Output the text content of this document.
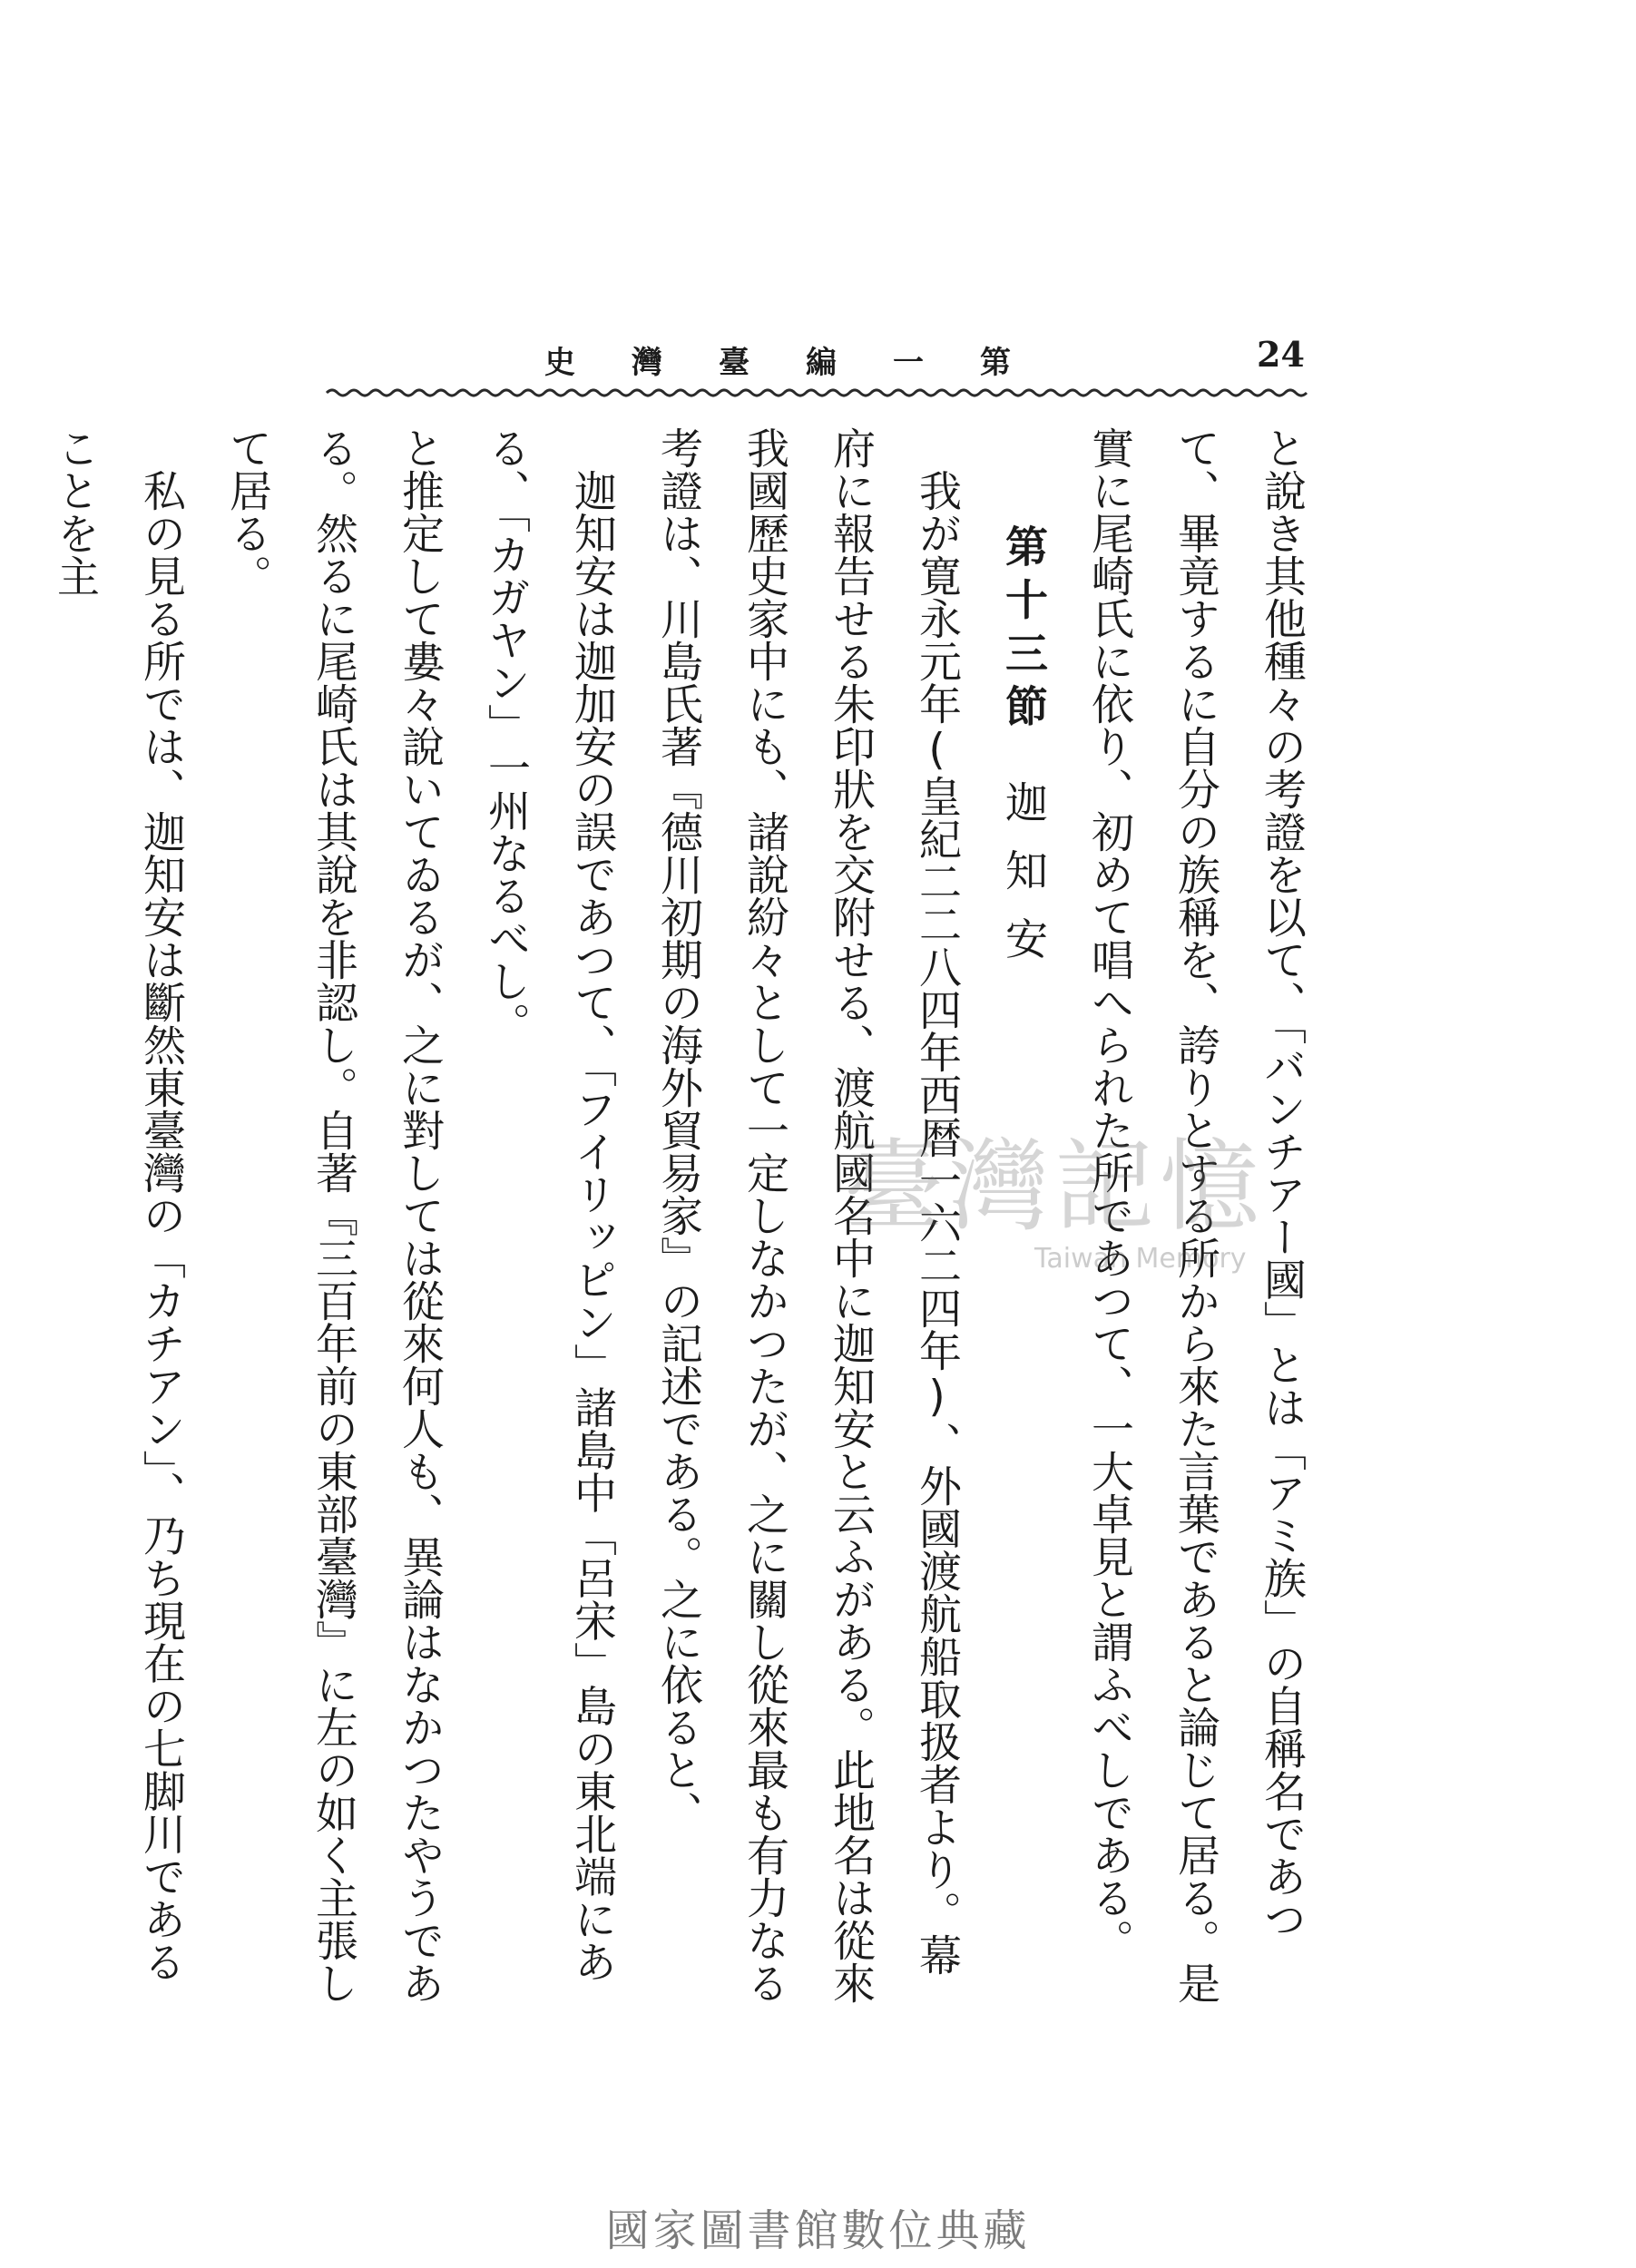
史灣臺編一第	24

と說き其他種々の考證を以て、「バンチアー國」とは「アミ族」の自稱名であつて、畢竟するに自分の族稱を、誇りとする所から來た言葉であると論じて居る。是實に尾崎氏に依り、初めて唱へられた所であつて、一大卓見と謂ふべしである。

第十三節迦知安

我が寛永元年(皇紀二二八四年西暦一六二四年)、外國渡航船取扱者より。幕府に報告せる朱印狀を交附せる、渡航國名中に迦知安と云ふがある。此地名は從來我國歷史家中にも、諸說紛々として一定しなかつたが、之に關し從來最も有力なる考證は、川島氏著『德川初期の海外貿易家』の記述である。之に依ると、

迦知安は迦加安の誤であつて、「フイリッピン」諸島中「呂宋」島の東北端にある、「カガヤン」一州なるべし。

と推定して婁々說いてゐるが、之に對しては從來何人も、異論はなかつたやうである。然るに尾崎氏は其說を非認し。自著『三百年前の東部臺灣』に左の如く主張して居る。

私の見る所では、迦知安は斷然東臺灣の「カチアン」、乃ち現在の七脚川であることを主

臺灣記憶
Taiwan Memory
國家圖書館數位典藏
